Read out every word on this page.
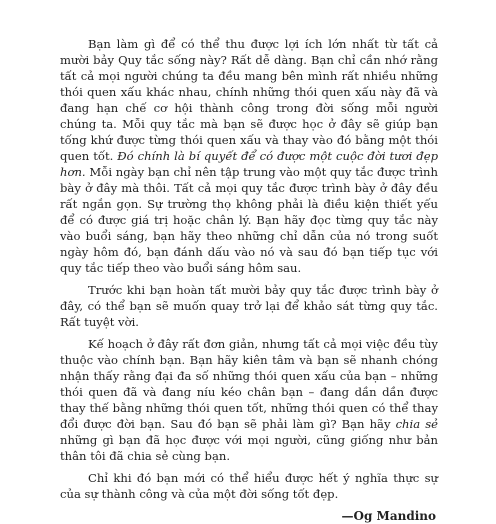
Bạn làm gì để có thể thu được lợi ích lớn nhất từ tất cả mười bảy Quy tắc sống này? Rất dễ dàng. Bạn chỉ cần nhớ rằng tất cả mọi người chúng ta đều mang bên mình rất nhiều những thói quen xấu khác nhau, chính những thói quen xấu này đã và đang hạn chế cơ hội thành công trong đời sống mỗi người chúng ta. Mỗi quy tắc mà bạn sẽ được học ở đây sẽ giúp bạn tống khứ được từng thói quen xấu và thay vào đó bằng một thói quen tốt. Đó chính là bí quyết để có được một cuộc đời tươi đẹp hơn. Mỗi ngày bạn chỉ nên tập trung vào một quy tắc được trình bày ở đây mà thôi. Tất cả mọi quy tắc được trình bày ở đây đều rất ngắn gọn. Sự trường thọ không phải là điều kiện thiết yếu để có được giá trị hoặc chân lý. Bạn hãy đọc từng quy tắc này vào buổi sáng, bạn hãy theo những chỉ dẫn của nó trong suốt ngày hôm đó, bạn đánh dấu vào nó và sau đó bạn tiếp tục với quy tắc tiếp theo vào buổi sáng hôm sau.

Trước khi bạn hoàn tất mười bảy quy tắc được trình bày ở đây, có thể bạn sẽ muốn quay trở lại để khảo sát từng quy tắc. Rất tuyệt vời.

Kế hoạch ở đây rất đơn giản, nhưng tất cả mọi việc đều tùy thuộc vào chính bạn. Bạn hãy kiên tâm và bạn sẽ nhanh chóng nhận thấy rằng đại đa số những thói quen xấu của bạn – những thói quen đã và đang níu kéo chân bạn – đang dần dần được thay thế bằng những thói quen tốt, những thói quen có thể thay đổi được đời bạn. Sau đó bạn sẽ phải làm gì? Bạn hãy chia sẻ những gì bạn đã học được với mọi người, cũng giống như bản thân tôi đã chia sẻ cùng bạn.

Chỉ khi đó bạn mới có thể hiểu được hết ý nghĩa thực sự của sự thành công và của một đời sống tốt đẹp.

—Og Mandino
